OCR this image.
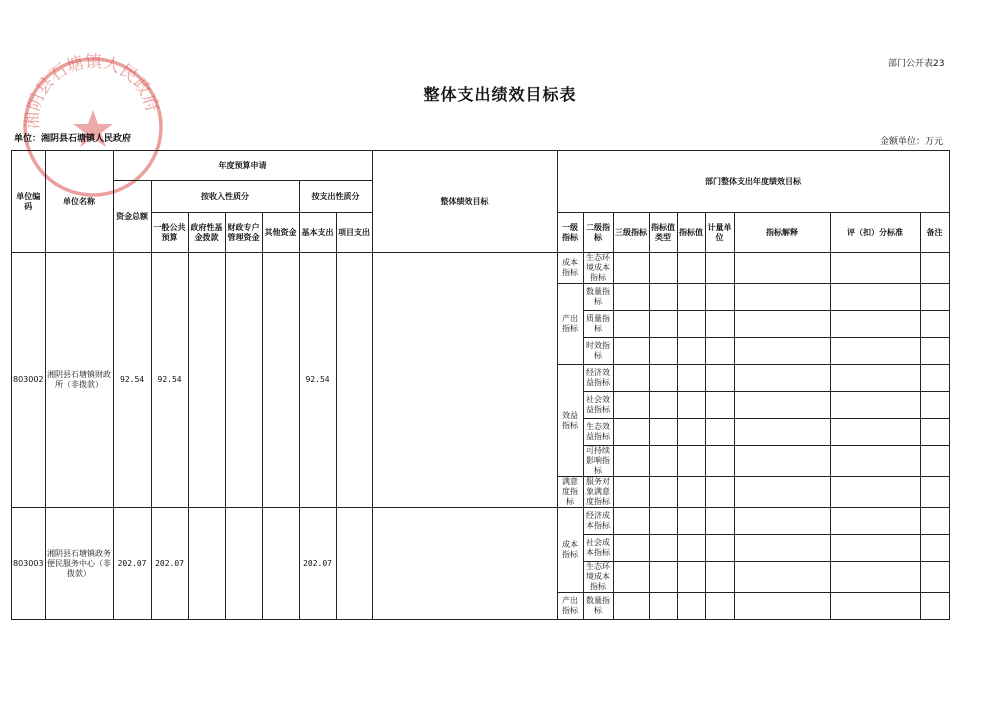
湘阴县石塘镇人民政府
部门公开表23
整体支出绩效目标表
单位：湘阴县石塘镇人民政府	金额单位：万元
单位编码	单位名称	年度预算申请							整体绩效目标	部门整体支出年度绩效目标								
		资金总额	按收入性质分				按支出性质分											
			一般公共预算	政府性基金拨款	财政专户管理资金	其他资金	基本支出	项目支出		一级指标	二级指标	三级指标	指标值类型	指标值	计量单位	指标解释	评（扣）分标准	备注
803002	湘阴县石塘镇财政所（非拨款）	92.54	92.54				92.54			成本指标	生态环境成本指标							
										产出指标	数量指标							
											质量指标							
											时效指标							
										效益指标	经济效益指标							
											社会效益指标							
											生态效益指标							
											可持续影响指标							
										满意度指标	服务对象满意度指标							
803003	湘阴县石塘镇政务便民服务中心（非拨款）	202.07	202.07				202.07			成本指标	经济成本指标							
											社会成本指标							
											生态环境成本指标							
										产出指标	数量指标							
